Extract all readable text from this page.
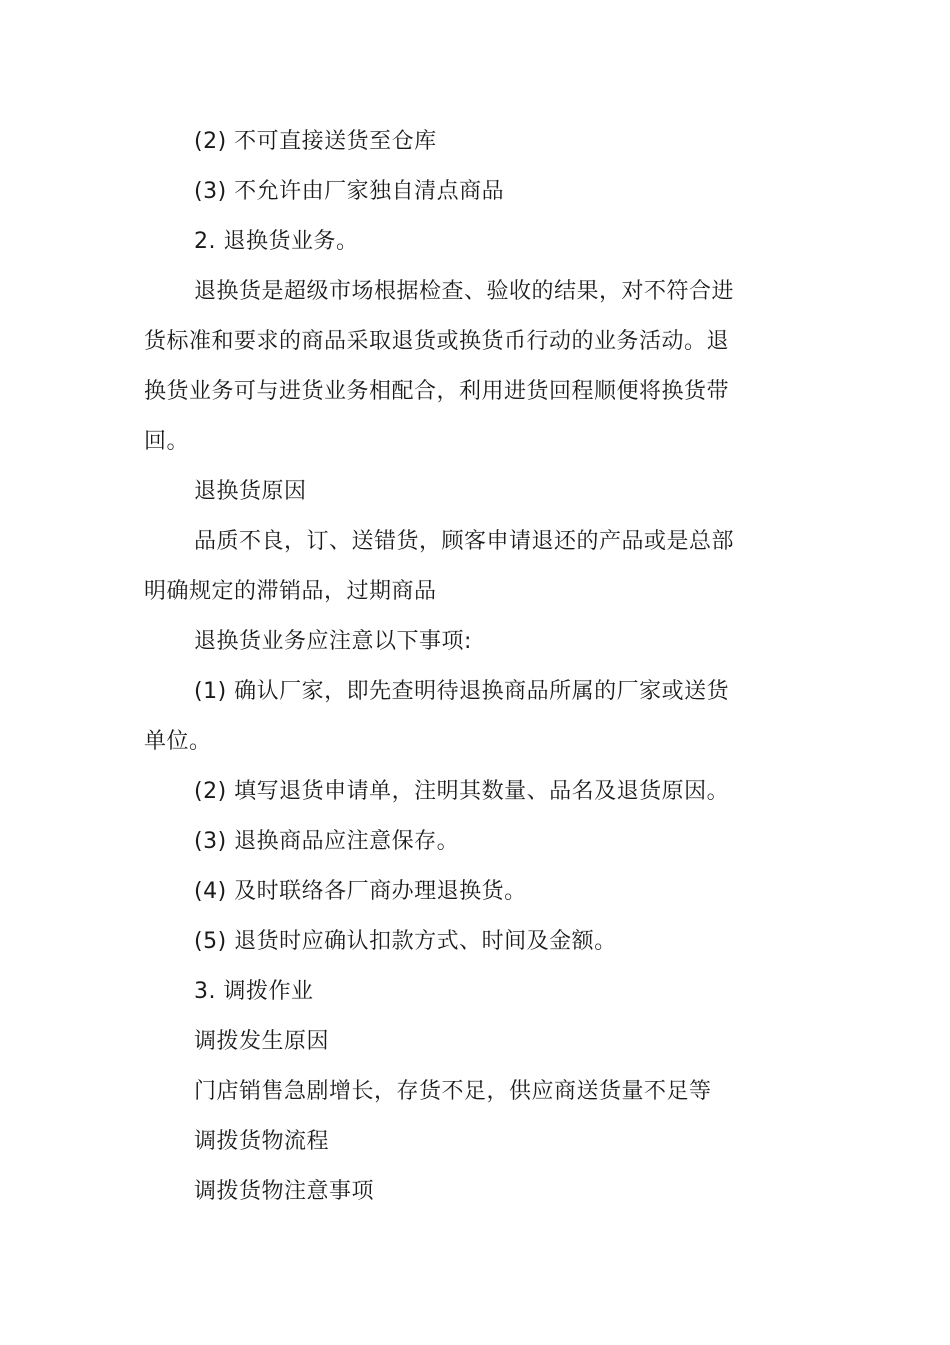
(2) 不可直接送货至仓库
(3) 不允许由厂家独自清点商品
2. 退换货业务。
退换货是超级市场根据检查、验收的结果，对不符合进
货标准和要求的商品采取退货或换货币行动的业务活动。退
换货业务可与进货业务相配合，利用进货回程顺便将换货带
回。
退换货原因
品质不良，订、送错货，顾客申请退还的产品或是总部
明确规定的滞销品，过期商品
退换货业务应注意以下事项:
(1) 确认厂家，即先查明待退换商品所属的厂家或送货
单位。
(2) 填写退货申请单，注明其数量、品名及退货原因。
(3) 退换商品应注意保存。
(4) 及时联络各厂商办理退换货。
(5) 退货时应确认扣款方式、时间及金额。
3. 调拨作业
调拨发生原因
门店销售急剧增长，存货不足，供应商送货量不足等
调拨货物流程
调拨货物注意事项
